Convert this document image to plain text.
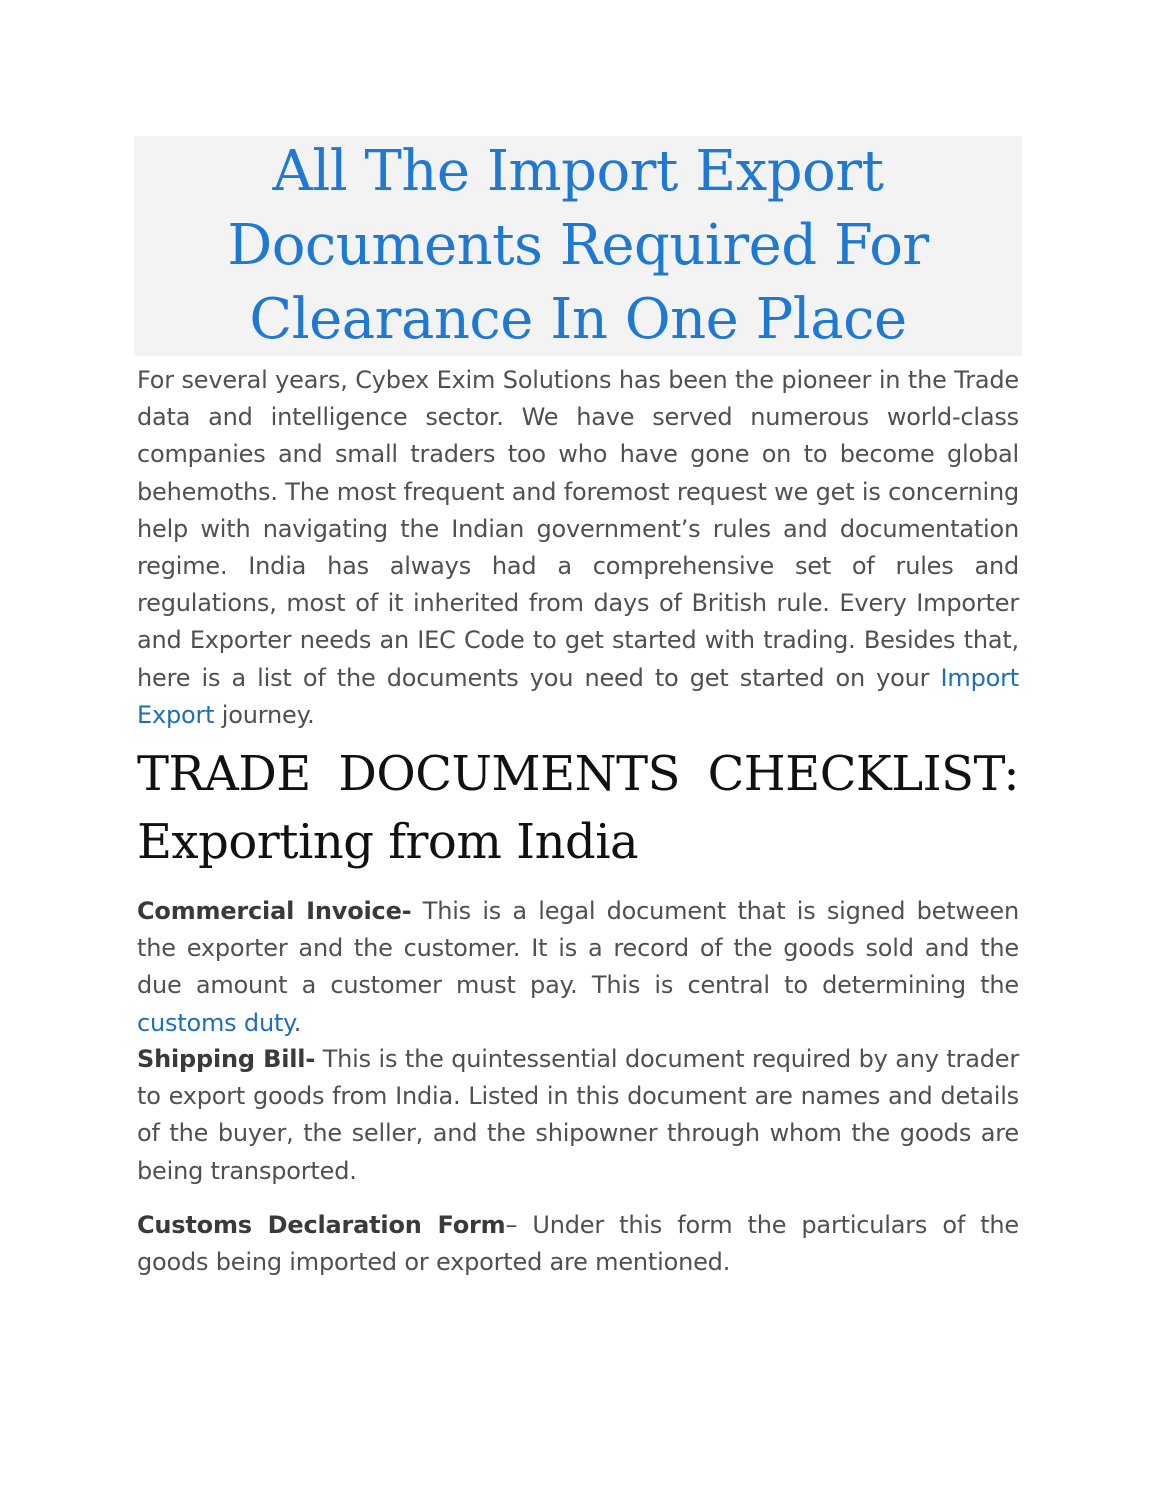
All The Import Export
Documents Required For
Clearance In One Place

For several years, Cybex Exim Solutions has been the pioneer in the Trade data and intelligence sector. We have served numerous world-class companies and small traders too who have gone on to become global behemoths. The most frequent and foremost request we get is concerning help with navigating the Indian government’s rules and documentation regime. India has always had a comprehensive set of rules and regulations, most of it inherited from days of British rule. Every Importer and Exporter needs an IEC Code to get started with trading. Besides that, here is a list of the documents you need to get started on your Import Export journey.

TRADE DOCUMENTS CHECKLIST:
Exporting from India

Commercial Invoice- This is a legal document that is signed between the exporter and the customer. It is a record of the goods sold and the due amount a customer must pay. This is central to determining the customs duty.

Shipping Bill- This is the quintessential document required by any trader to export goods from India. Listed in this document are names and details of the buyer, the seller, and the shipowner through whom the goods are being transported.

Customs Declaration Form– Under this form the particulars of the goods being imported or exported are mentioned.
